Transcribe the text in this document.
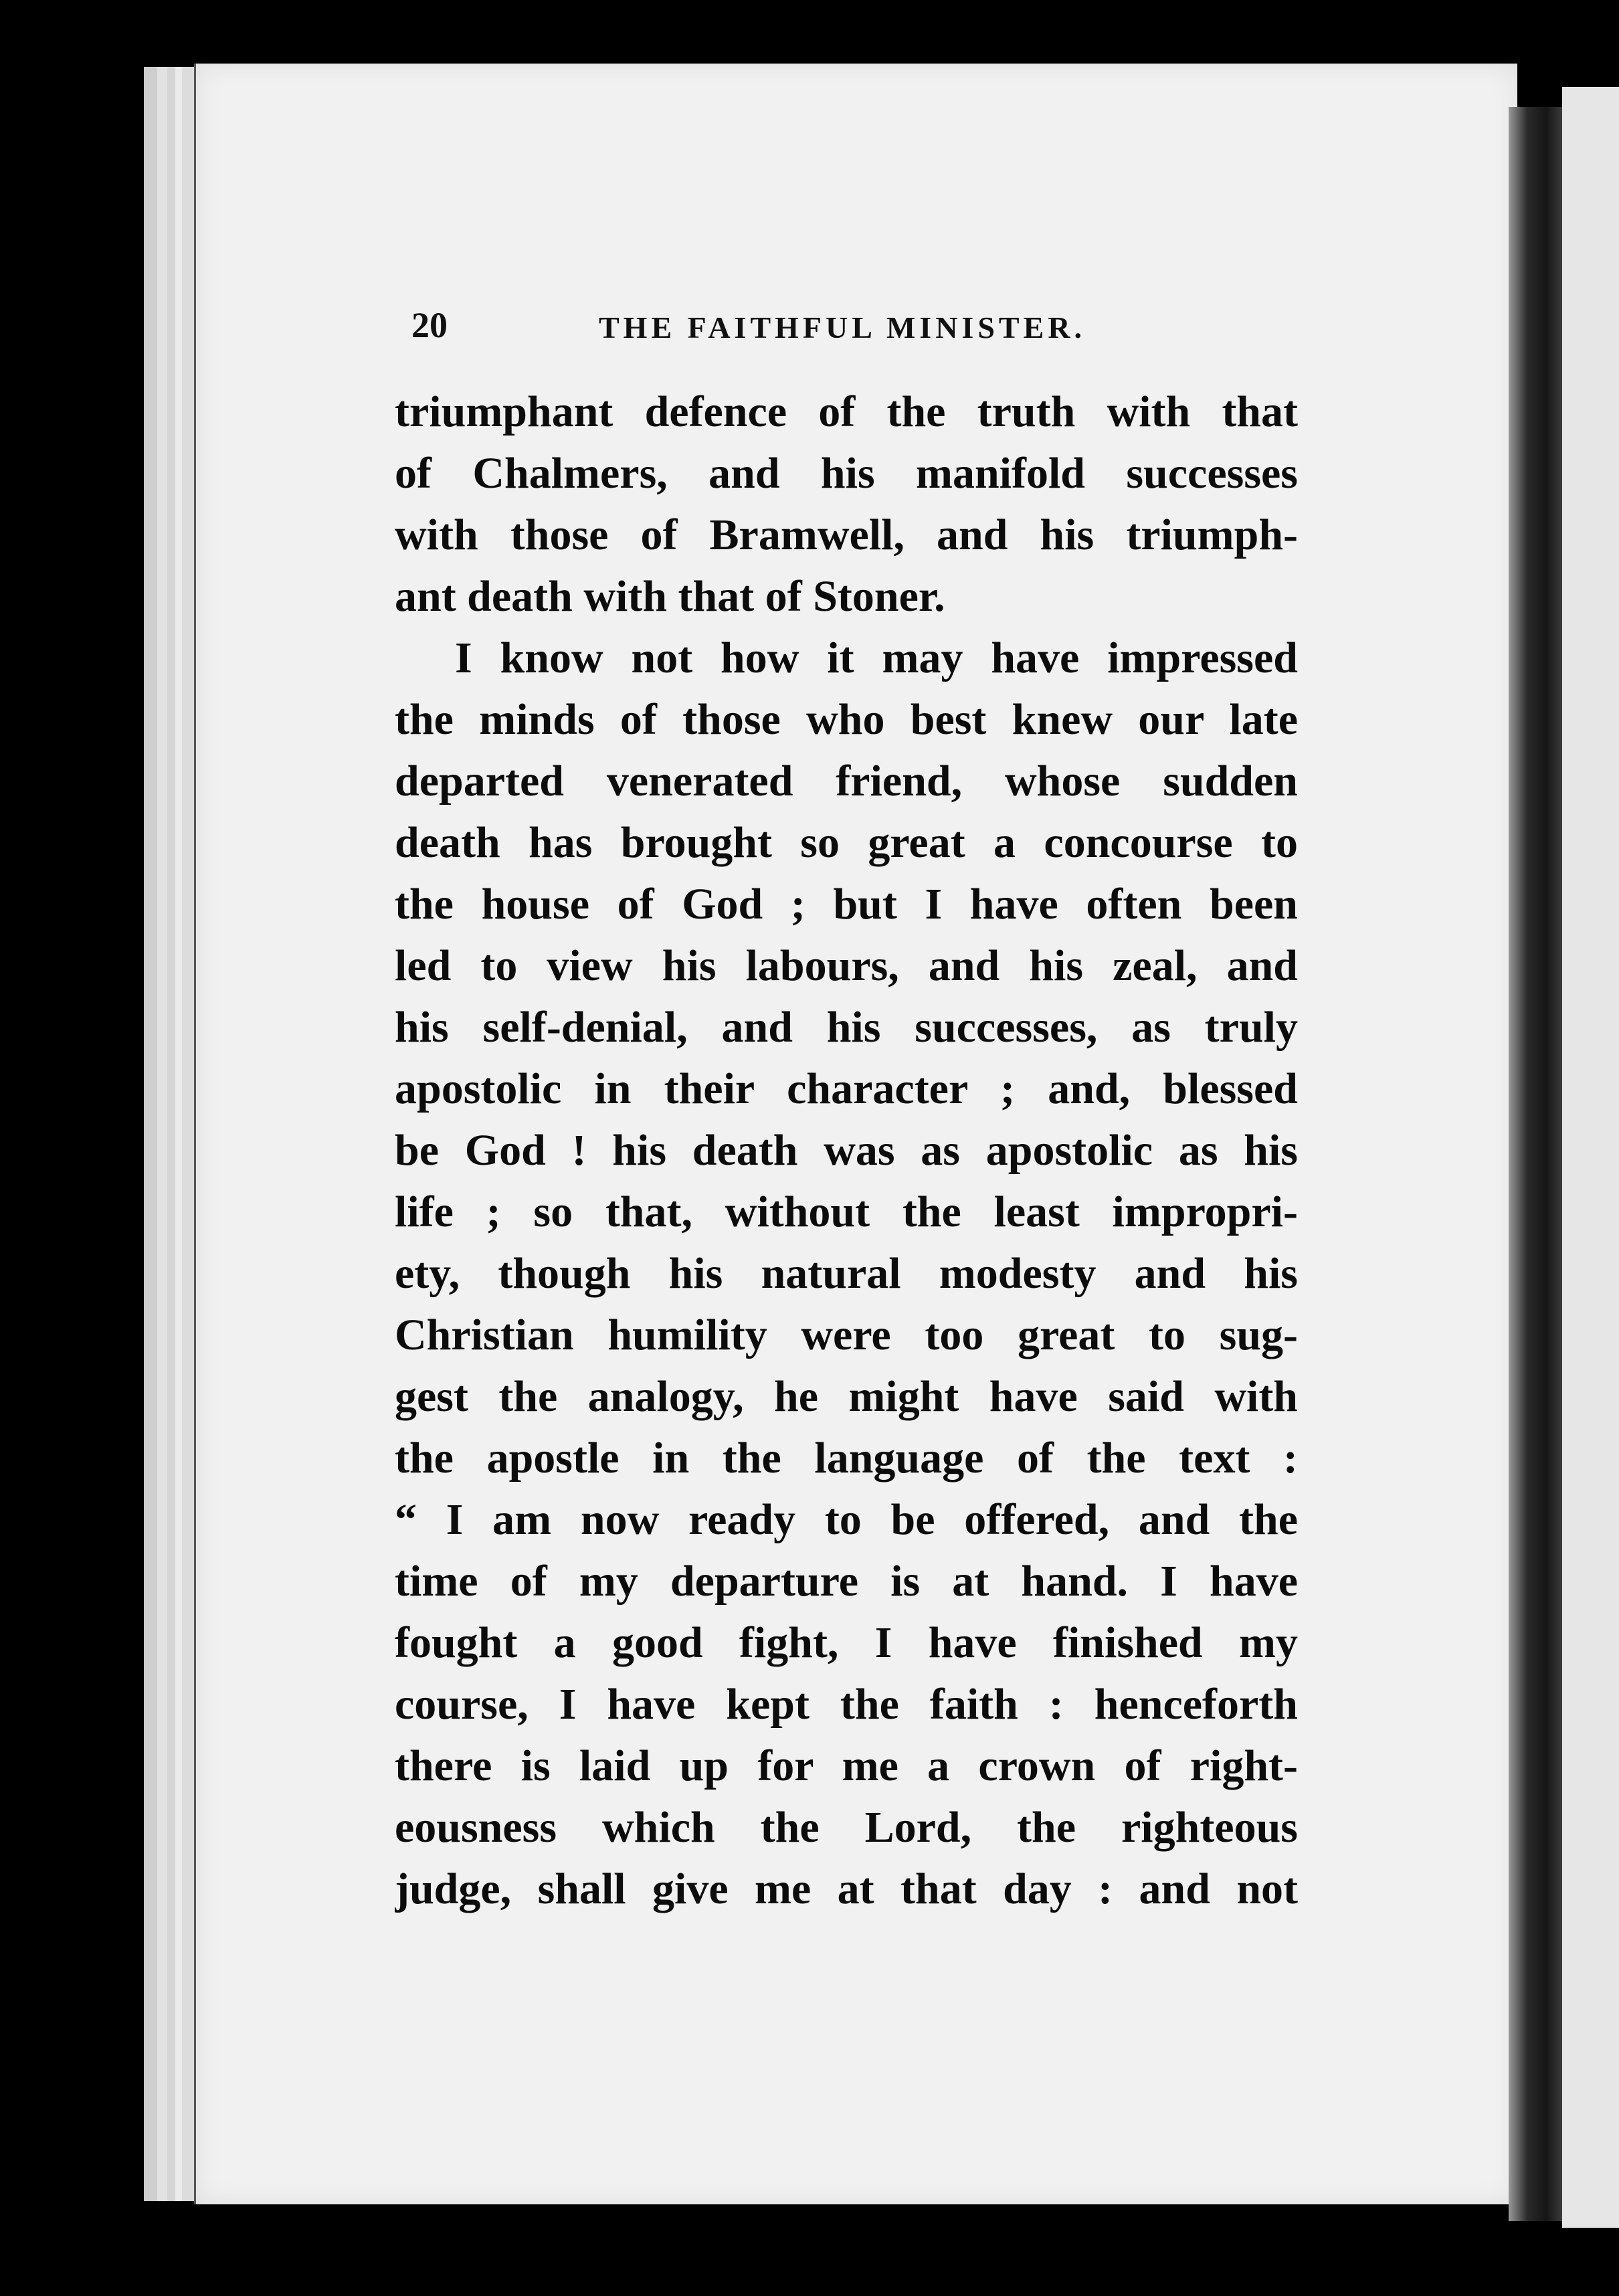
20	THE FAITHFUL MINISTER.
triumphant defence of the truth with that
of Chalmers, and his manifold successes
with those of Bramwell, and his triumph-
ant death with that of Stoner.
I know not how it may have impressed
the minds of those who best knew our late
departed venerated friend, whose sudden
death has brought so great a concourse to
the house of God ; but I have often been
led to view his labours, and his zeal, and
his self-denial, and his successes, as truly
apostolic in their character ; and, blessed
be God ! his death was as apostolic as his
life ; so that, without the least impropri-
ety, though his natural modesty and his
Christian humility were too great to sug-
gest the analogy, he might have said with
the apostle in the language of the text :
“ I am now ready to be offered, and the
time of my departure is at hand. I have
fought a good fight, I have finished my
course, I have kept the faith : henceforth
there is laid up for me a crown of right-
eousness which the Lord, the righteous
judge, shall give me at that day : and not
